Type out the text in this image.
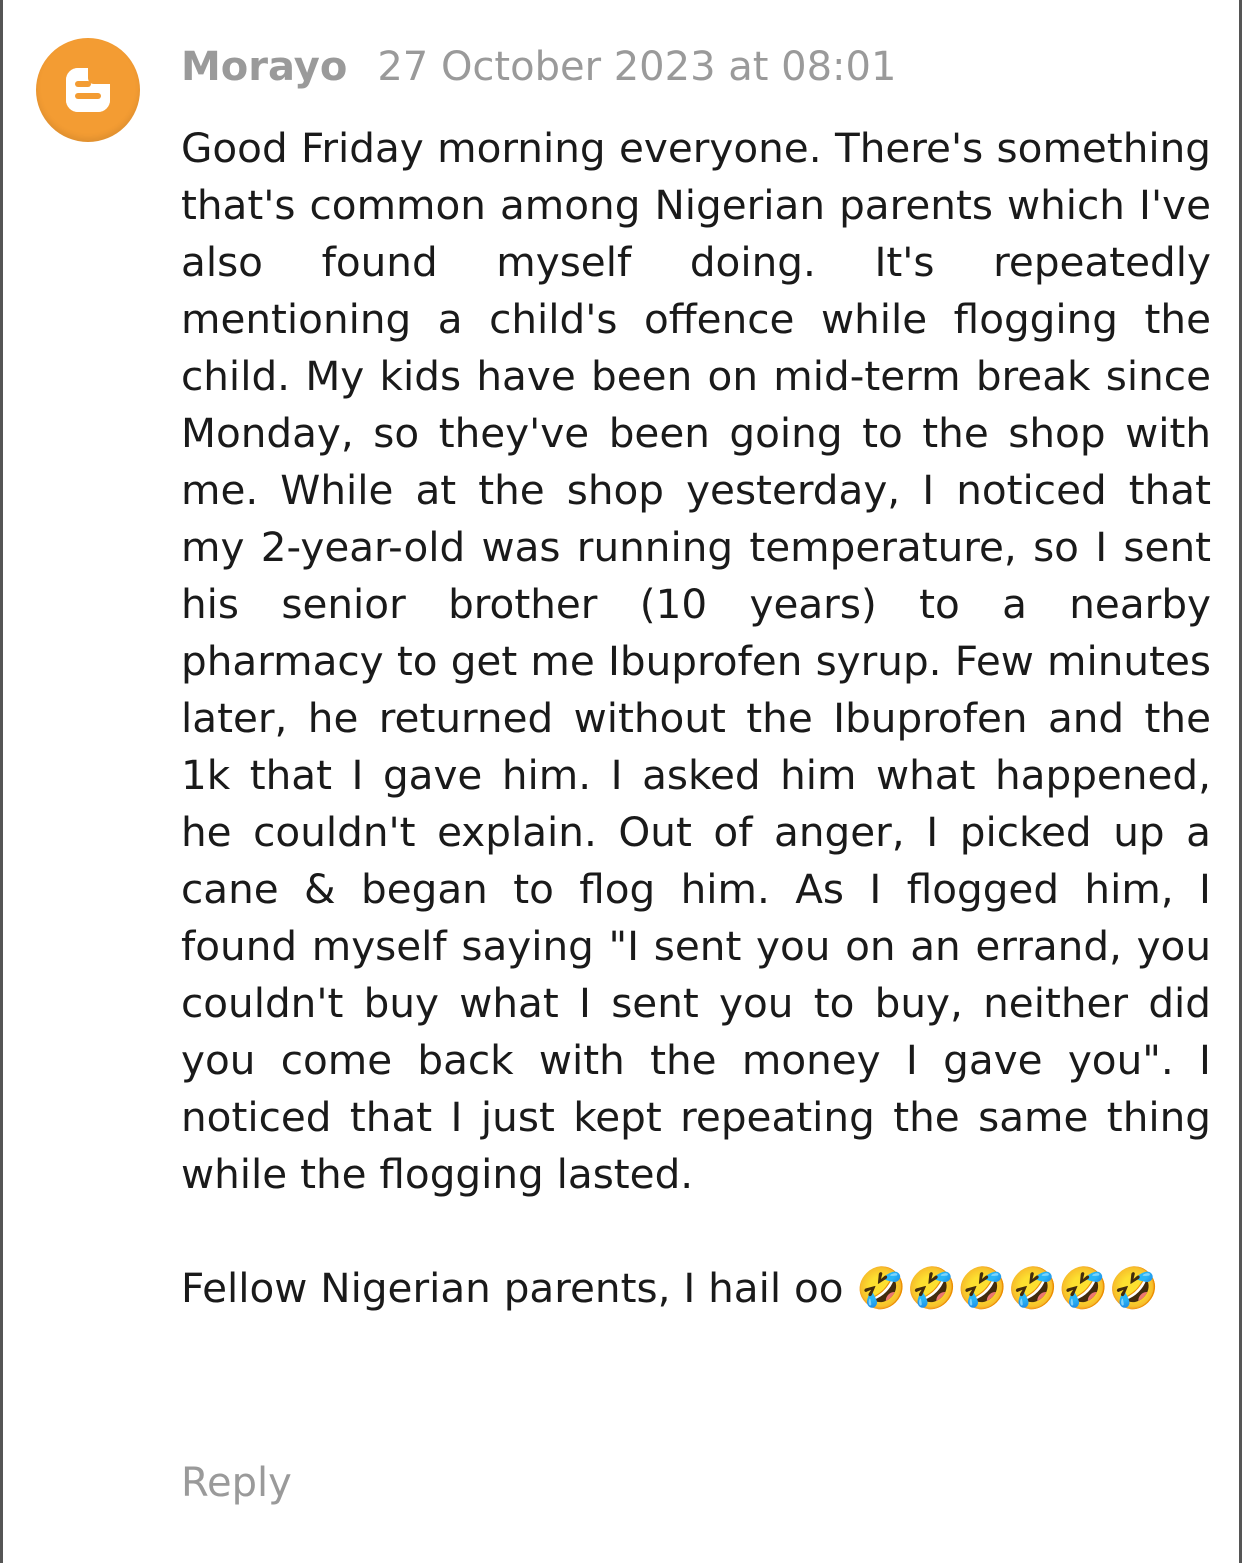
Morayo 27 October 2023 at 08:01

Good Friday morning everyone. There's something that's common among Nigerian parents which I've also found myself doing. It's repeatedly mentioning a child's offence while flogging the child. My kids have been on mid-term break since Monday, so they've been going to the shop with me. While at the shop yesterday, I noticed that my 2-year-old was running temperature, so I sent his senior brother (10 years) to a nearby pharmacy to get me Ibuprofen syrup. Few minutes later, he returned without the Ibuprofen and the 1k that I gave him. I asked him what happened, he couldn't explain. Out of anger, I picked up a cane & began to flog him. As I flogged him, I found myself saying "I sent you on an errand, you couldn't buy what I sent you to buy, neither did you come back with the money I gave you". I noticed that I just kept repeating the same thing while the flogging lasted.

Fellow Nigerian parents, I hail oo 🤣🤣🤣🤣🤣🤣

Reply
